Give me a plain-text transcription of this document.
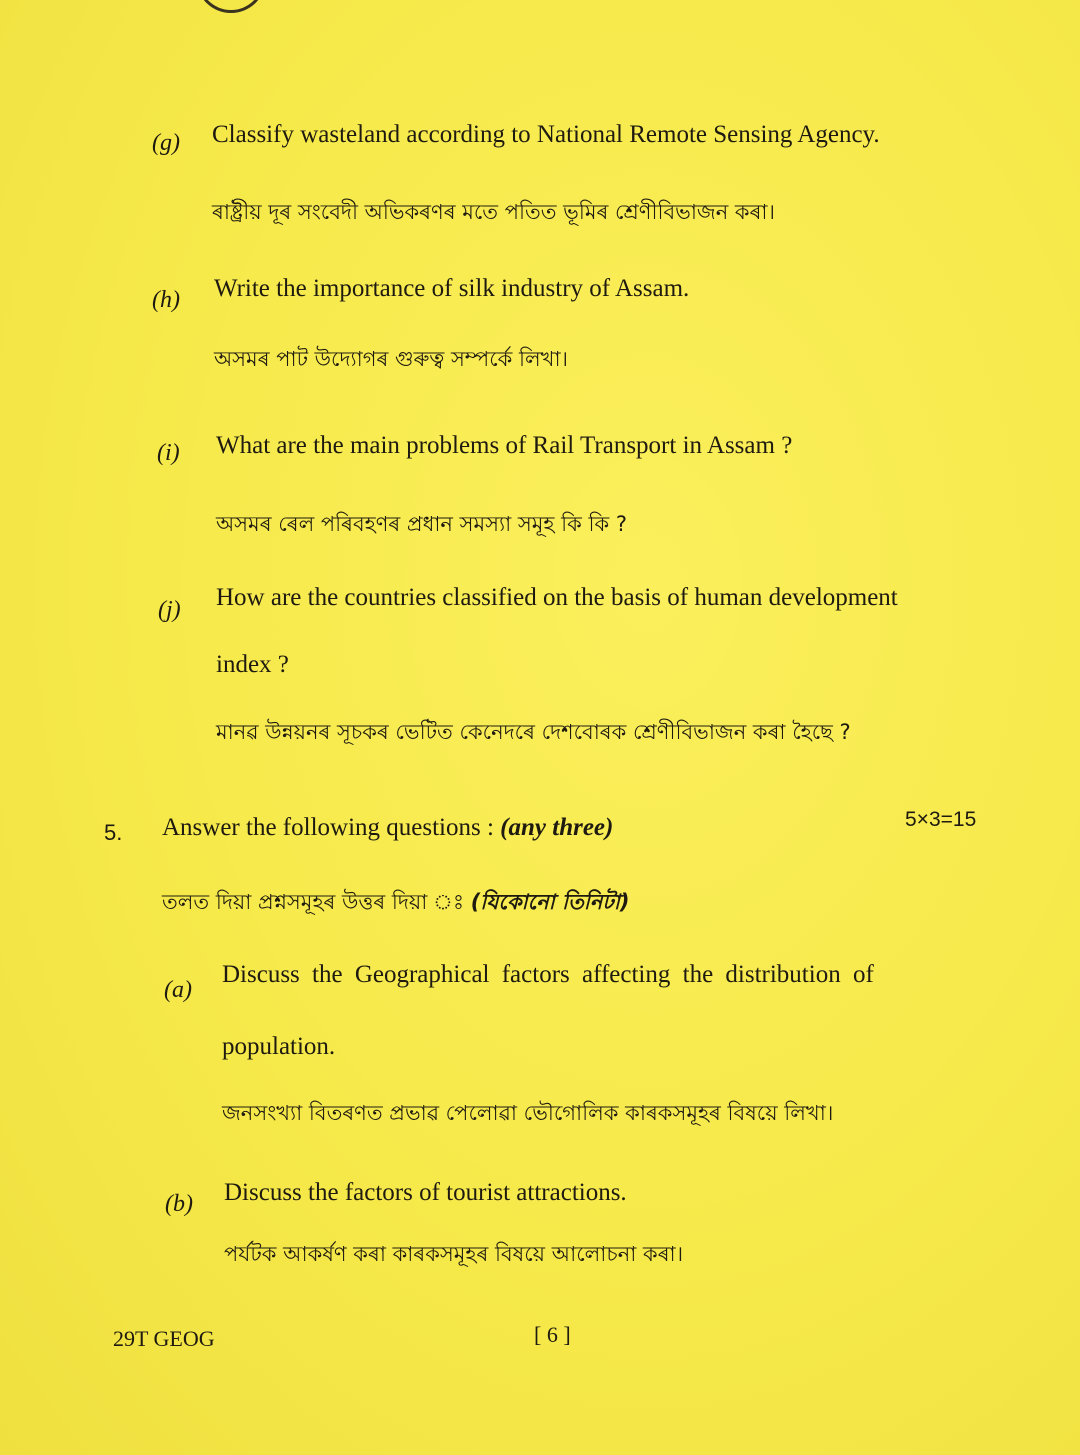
(g) Classify wasteland according to National Remote Sensing Agency.
ৰাষ্ট্ৰীয় দূৰ সংবেদী অভিকৰণৰ মতে পতিত ভূমিৰ শ্ৰেণীবিভাজন কৰা।
(h) Write the importance of silk industry of Assam.
অসমৰ পাট উদ্যোগৰ গুৰুত্ব সম্পৰ্কে লিখা।
(i) What are the main problems of Rail Transport in Assam ?
অসমৰ ৰেল পৰিবহণৰ প্ৰধান সমস্যা সমূহ কি কি ?
(j) How are the countries classified on the basis of human development
index ?
মানৱ উন্নয়নৰ সূচকৰ ভেটিত কেনেদৰে দেশবোৰক শ্ৰেণীবিভাজন কৰা হৈছে ?
5. Answer the following questions : (any three)	5×3=15
তলত দিয়া প্ৰশ্নসমূহৰ উত্তৰ দিয়া ঃ (যিকোনো তিনিটা)
(a)
Discuss the Geographical factors affecting the distribution of
population.
জনসংখ্যা বিতৰণত প্ৰভাৱ পেলোৱা ভৌগোলিক কাৰকসমূহৰ বিষয়ে লিখা।
(b) Discuss the factors of tourist attractions.
পৰ্যটক আকৰ্ষণ কৰা কাৰকসমূহৰ বিষয়ে আলোচনা কৰা।
29T GEOG	[ 6 ]
